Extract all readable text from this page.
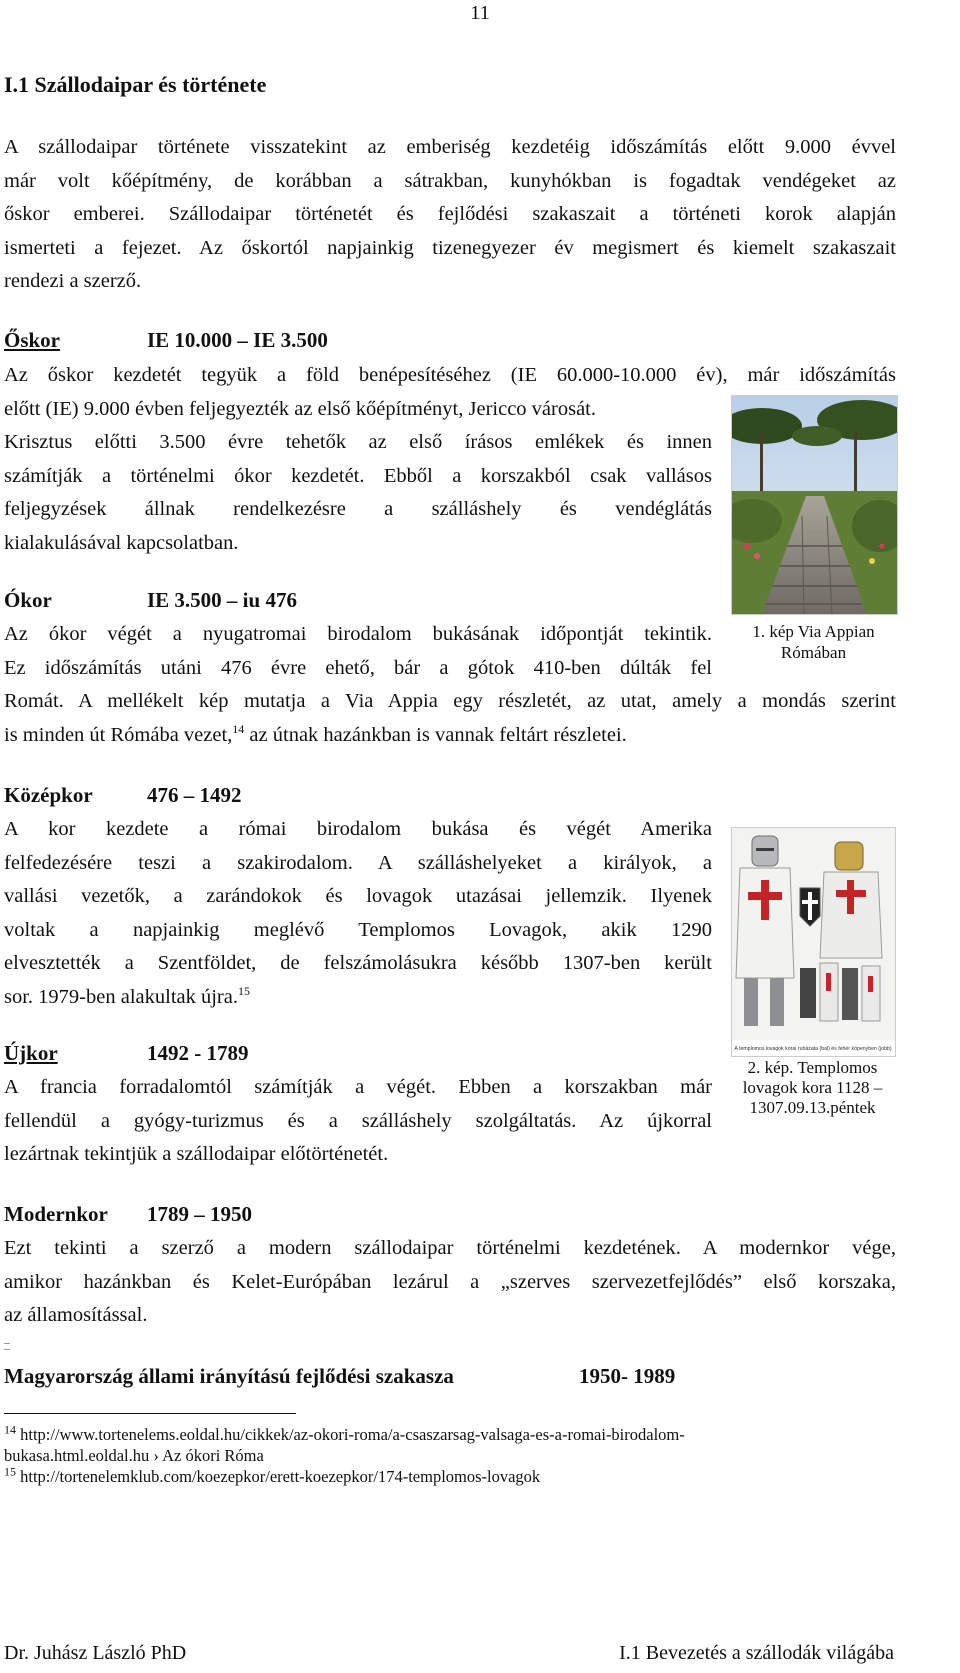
11
I.1 Szállodaipar és története
A szállodaipar története visszatekint az emberiség kezdetéig időszámítás előtt 9.000 évvel
már volt kőépítmény, de korábban a sátrakban, kunyhókban is fogadtak vendégeket az
őskor emberei. Szállodaipar történetét és fejlődési szakaszait a történeti korok alapján
ismerteti a fejezet. Az őskortól napjainkig tizenegyezer év megismert és kiemelt szakaszait
rendezi a szerző.
Őskor	IE 10.000 – IE 3.500
Az őskor kezdetét tegyük a föld benépesítéséhez (IE 60.000-10.000 év), már időszámítás
előtt (IE) 9.000 évben feljegyezték az első kőépítményt, Jericco városát.
Krisztus előtti 3.500 évre tehetők az első írásos emlékek és innen
számítják a történelmi ókor kezdetét. Ebből a korszakból csak vallásos
feljegyzések állnak rendelkezésre a szálláshely és vendéglátás
kialakulásával kapcsolatban.
1. kép Via Appian
Rómában
Ókor	IE 3.500 – iu 476
Az ókor végét a nyugatromai birodalom bukásának időpontját tekintik.
Ez időszámítás utáni 476 évre ehető, bár a gótok 410-ben dúlták fel
Romát. A mellékelt kép mutatja a Via Appia egy részletét, az utat, amely a mondás szerint
is minden út Rómába vezet,$^{14}$ az útnak hazánkban is vannak feltárt részletei.
Középkor	476 – 1492
A kor kezdete a római birodalom bukása és végét Amerika
felfedezésére teszi a szakirodalom. A szálláshelyeket a királyok, a
vallási vezetők, a zarándokok és lovagok utazásai jellemzik. Ilyenek
voltak a napjainkig meglévő Templomos Lovagok, akik 1290
elvesztették a Szentföldet, de felszámolásukra később 1307-ben került
sor. 1979-ben alakultak újra.$^{15}$
A templomos lovagok korai ruházata (bal) és fehér köpenyben (jobb)
2. kép. Templomos
lovagok kora 1128 –
1307.09.13.péntek
Újkor	1492 - 1789
A francia forradalomtól számítják a végét. Ebben a korszakban már
fellendül a gyógy-turizmus és a szálláshely szolgáltatás. Az újkorral
lezártnak tekintjük a szállodaipar előtörténetét.
Modernkor 1789 – 1950
Ezt tekinti a szerző a modern szállodaipar történelmi kezdetének. A modernkor vége,
amikor hazánkban és Kelet-Európában lezárul a „szerves szervezetfejlődés” első korszaka,
az államosítással.
Magyarország állami irányítású fejlődési szakasza	1950- 1989
$^{14}$ http://www.tortenelems.eoldal.hu/cikkek/az-okori-roma/a-csaszarsag-valsaga-es-a-romai-birodalom-
bukasa.html.eoldal.hu › Az ókori Róma
$^{15}$ http://tortenelemklub.com/koezepkor/erett-koezepkor/174-templomos-lovagok
Dr. Juhász László PhD	I.1 Bevezetés a szállodák világába
